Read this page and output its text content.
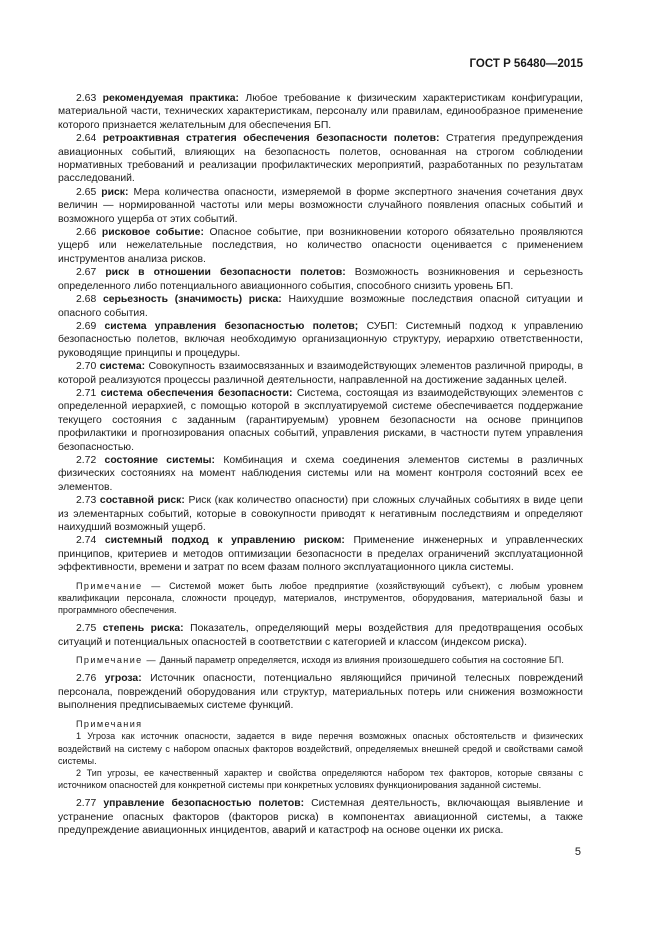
ГОСТ Р 56480—2015

2.63 рекомендуемая практика: Любое требование к физическим характеристикам конфигурации, материальной части, технических характеристикам, персоналу или правилам, единообразное применение которого признается желательным для обеспечения БП.

2.64 ретроактивная стратегия обеспечения безопасности полетов: Стратегия предупреждения авиационных событий, влияющих на безопасность полетов, основанная на строгом соблюдении нормативных требований и реализации профилактических мероприятий, разработанных по результатам расследований.

2.65 риск: Мера количества опасности, измеряемой в форме экспертного значения сочетания двух величин — нормированной частоты или меры возможности случайного появления опасных событий и возможного ущерба от этих событий.

2.66 рисковое событие: Опасное событие, при возникновении которого обязательно проявляются ущерб или нежелательные последствия, но количество опасности оценивается с применением инструментов анализа рисков.

2.67 риск в отношении безопасности полетов: Возможность возникновения и серьезность определенного либо потенциального авиационного события, способного снизить уровень БП.

2.68 серьезность (значимость) риска: Наихудшие возможные последствия опасной ситуации и опасного события.

2.69 система управления безопасностью полетов; СУБП: Системный подход к управлению безопасностью полетов, включая необходимую организационную структуру, иерархию ответственности, руководящие принципы и процедуры.

2.70 система: Совокупность взаимосвязанных и взаимодействующих элементов различной природы, в которой реализуются процессы различной деятельности, направленной на достижение заданных целей.

2.71 система обеспечения безопасности: Система, состоящая из взаимодействующих элементов с определенной иерархией, с помощью которой в эксплуатируемой системе обеспечивается поддержание текущего состояния с заданным (гарантируемым) уровнем безопасности на основе принципов профилактики и прогнозирования опасных событий, управления рисками, в частности путем управления безопасностью.

2.72 состояние системы: Комбинация и схема соединения элементов системы в различных физических состояниях на момент наблюдения системы или на момент контроля состояний всех ее элементов.

2.73 составной риск: Риск (как количество опасности) при сложных случайных событиях в виде цепи из элементарных событий, которые в совокупности приводят к негативным последствиям и определяют наихудший возможный ущерб.

2.74 системный подход к управлению риском: Применение инженерных и управленческих принципов, критериев и методов оптимизации безопасности в пределах ограничений эксплуатационной эффективности, времени и затрат по всем фазам полного эксплуатационного цикла системы.

Примечание — Системой может быть любое предприятие (хозяйствующий субъект), с любым уровнем квалификации персонала, сложности процедур, материалов, инструментов, оборудования, материальной базы и программного обеспечения.

2.75 степень риска: Показатель, определяющий меры воздействия для предотвращения особых ситуаций и потенциальных опасностей в соответствии с категорией и классом (индексом риска).

Примечание — Данный параметр определяется, исходя из влияния произошедшего события на состояние БП.

2.76 угроза: Источник опасности, потенциально являющийся причиной телесных повреждений персонала, повреждений оборудования или структур, материальных потерь или снижения возможности выполнения предписываемых системе функций.

Примечания

1 Угроза как источник опасности, задается в виде перечня возможных опасных обстоятельств и физических воздействий на систему с набором опасных факторов воздействий, определяемых внешней средой и свойствами самой системы.

2 Тип угрозы, ее качественный характер и свойства определяются набором тех факторов, которые связаны с источником опасностей для конкретной системы при конкретных условиях функционирования заданной системы.

2.77 управление безопасностью полетов: Системная деятельность, включающая выявление и устранение опасных факторов (факторов риска) в компонентах авиационной системы, а также предупреждение авиационных инцидентов, аварий и катастроф на основе оценки их риска.

5
